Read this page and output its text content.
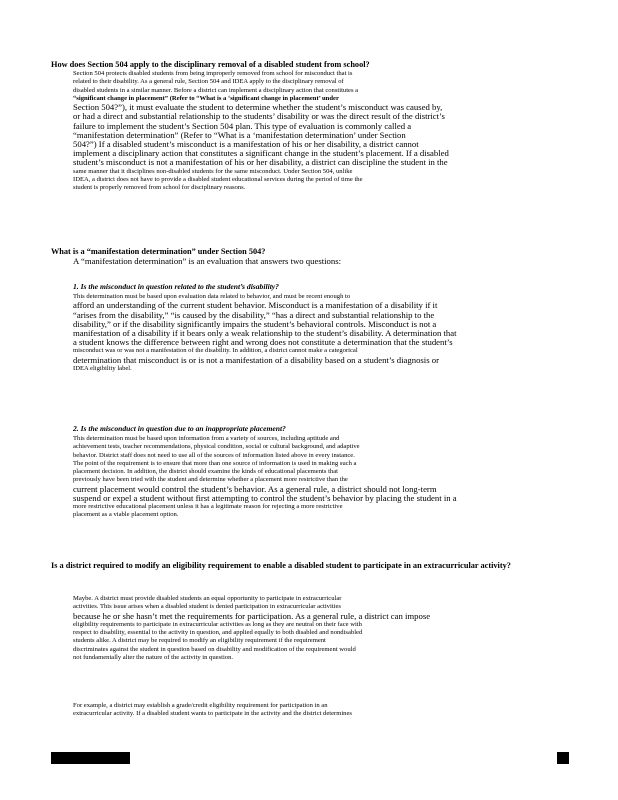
How does Section 504 apply to the disciplinary removal of a disabled student from school?
Section 504 protects disabled students from being improperly removed from school for misconduct that is
related to their disability. As a general rule, Section 504 and IDEA apply to the disciplinary removal of
disabled students in a similar manner. Before a district can implement a disciplinary action that constitutes a
“significant change in placement” (Refer to “What is a ‘significant change in placement’ under
Section 504?”), it must evaluate the student to determine whether the student’s misconduct was caused by,
or had a direct and substantial relationship to the students’ disability or was the direct result of the district’s
failure to implement the student’s Section 504 plan. This type of evaluation is commonly called a
“manifestation determination” (Refer to “What is a ‘manifestation determination’ under Section
504?”) If a disabled student’s misconduct is a manifestation of his or her disability, a district cannot
implement a disciplinary action that constitutes a significant change in the student’s placement. If a disabled
student’s misconduct is not a manifestation of his or her disability, a district can discipline the student in the
same manner that it disciplines non-disabled students for the same misconduct. Under Section 504, unlike
IDEA, a district does not have to provide a disabled student educational services during the period of time the
student is properly removed from school for disciplinary reasons.
What is a “manifestation determination” under Section 504?
A “manifestation determination” is an evaluation that answers two questions:
1. Is the misconduct in question related to the student’s disability?
This determination must be based upon evaluation data related to behavior, and must be recent enough to
afford an understanding of the current student behavior. Misconduct is a manifestation of a disability if it
“arises from the disability,” “is caused by the disability,” “has a direct and substantial relationship to the
disability,” or if the disability significantly impairs the student’s behavioral controls. Misconduct is not a
manifestation of a disability if it bears only a weak relationship to the student’s disability. A determination that
a student knows the difference between right and wrong does not constitute a determination that the student’s
misconduct was or was not a manifestation of the disability. In addition, a district cannot make a categorical
determination that misconduct is or is not a manifestation of a disability based on a student’s diagnosis or
IDEA eligibility label.
2. Is the misconduct in question due to an inappropriate placement?
This determination must be based upon information from a variety of sources, including aptitude and
achievement tests, teacher recommendations, physical condition, social or cultural background, and adaptive
behavior. District staff does not need to use all of the sources of information listed above in every instance.
The point of the requirement is to ensure that more than one source of information is used in making such a
placement decision. In addition, the district should examine the kinds of educational placements that
previously have been tried with the student and determine whether a placement more restrictive than the
current placement would control the student’s behavior. As a general rule, a district should not long-term
suspend or expel a student without first attempting to control the student’s behavior by placing the student in a
more restrictive educational placement unless it has a legitimate reason for rejecting a more restrictive
placement as a viable placement option.
Is a district required to modify an eligibility requirement to enable a disabled student to participate in an extracurricular activity?
Maybe. A district must provide disabled students an equal opportunity to participate in extracurricular
activities. This issue arises when a disabled student is denied participation in extracurricular activities
because he or she hasn’t met the requirements for participation. As a general rule, a district can impose
eligibility requirements to participate in extracurricular activities as long as they are neutral on their face with
respect to disability, essential to the activity in question, and applied equally to both disabled and nondisabled
students alike. A district may be required to modify an eligibility requirement if the requirement
discriminates against the student in question based on disability and modification of the requirement would
not fundamentally alter the nature of the activity in question.
For example, a district may establish a grade/credit eligibility requirement for participation in an
extracurricular activity. If a disabled student wants to participate in the activity and the district determines
